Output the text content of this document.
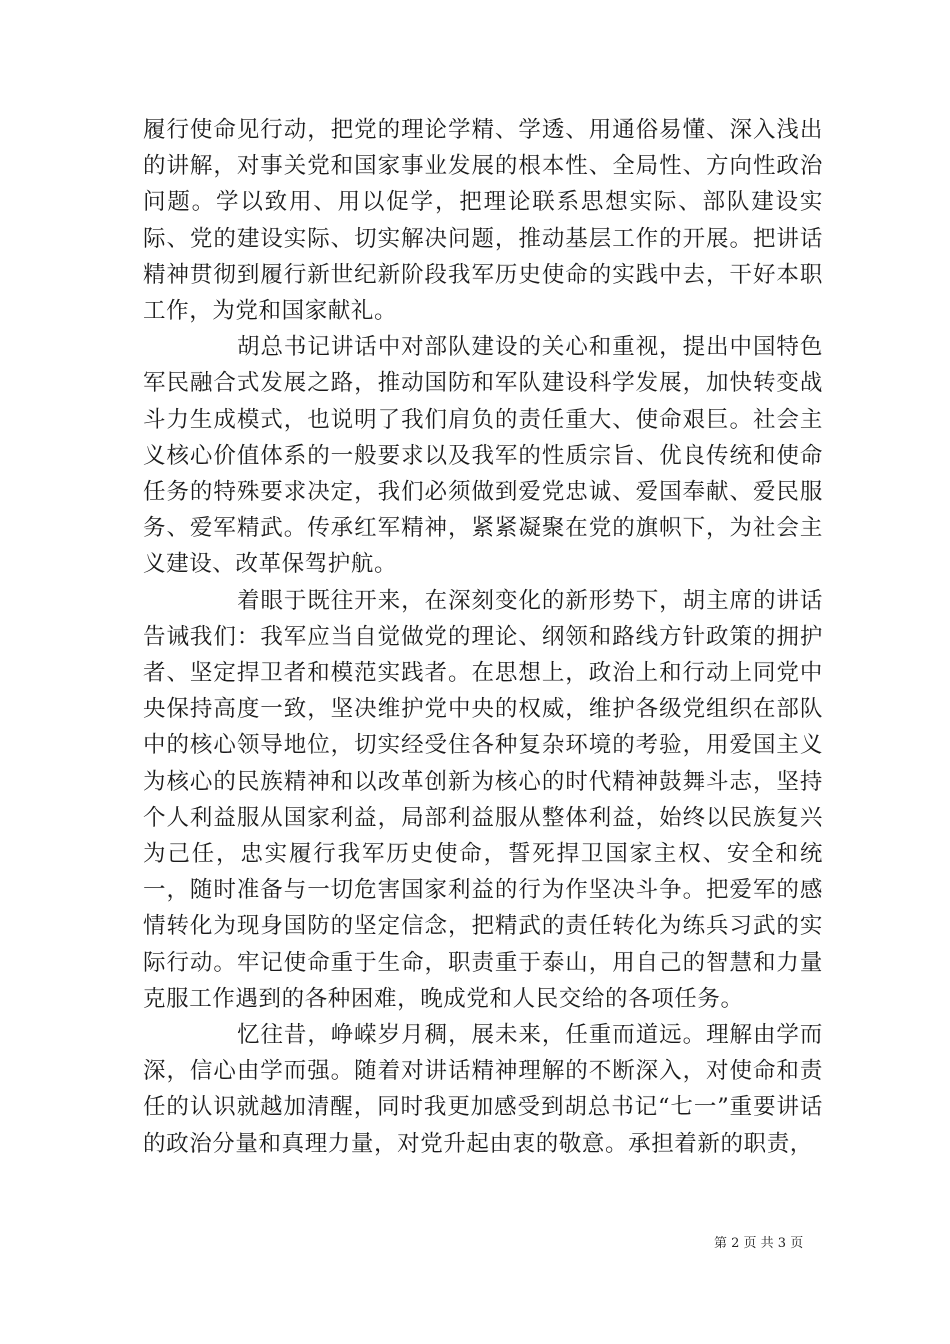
履行使命见行动，把党的理论学精、学透、用通俗易懂、深入浅出的讲解，对事关党和国家事业发展的根本性、全局性、方向性政治问题。学以致用、用以促学，把理论联系思想实际、部队建设实际、党的建设实际、切实解决问题，推动基层工作的开展。把讲话精神贯彻到履行新世纪新阶段我军历史使命的实践中去，干好本职工作，为党和国家献礼。

胡总书记讲话中对部队建设的关心和重视，提出中国特色军民融合式发展之路，推动国防和军队建设科学发展，加快转变战斗力生成模式，也说明了我们肩负的责任重大、使命艰巨。社会主义核心价值体系的一般要求以及我军的性质宗旨、优良传统和使命任务的特殊要求决定，我们必须做到爱党忠诚、爱国奉献、爱民服务、爱军精武。传承红军精神，紧紧凝聚在党的旗帜下，为社会主义建设、改革保驾护航。

着眼于既往开来，在深刻变化的新形势下，胡主席的讲话告诫我们：我军应当自觉做党的理论、纲领和路线方针政策的拥护者、坚定捍卫者和模范实践者。在思想上，政治上和行动上同党中央保持高度一致，坚决维护党中央的权威，维护各级党组织在部队中的核心领导地位，切实经受住各种复杂环境的考验，用爱国主义为核心的民族精神和以改革创新为核心的时代精神鼓舞斗志，坚持个人利益服从国家利益，局部利益服从整体利益，始终以民族复兴为己任，忠实履行我军历史使命，誓死捍卫国家主权、安全和统一，随时准备与一切危害国家利益的行为作坚决斗争。把爱军的感情转化为现身国防的坚定信念，把精武的责任转化为练兵习武的实际行动。牢记使命重于生命，职责重于泰山，用自己的智慧和力量克服工作遇到的各种困难，晚成党和人民交给的各项任务。

忆往昔，峥嵘岁月稠，展未来，任重而道远。理解由学而深，信心由学而强。随着对讲话精神理解的不断深入，对使命和责任的认识就越加清醒，同时我更加感受到胡总书记“七一”重要讲话的政治分量和真理力量，对党升起由衷的敬意。承担着新的职责，

第 2 页 共 3 页
